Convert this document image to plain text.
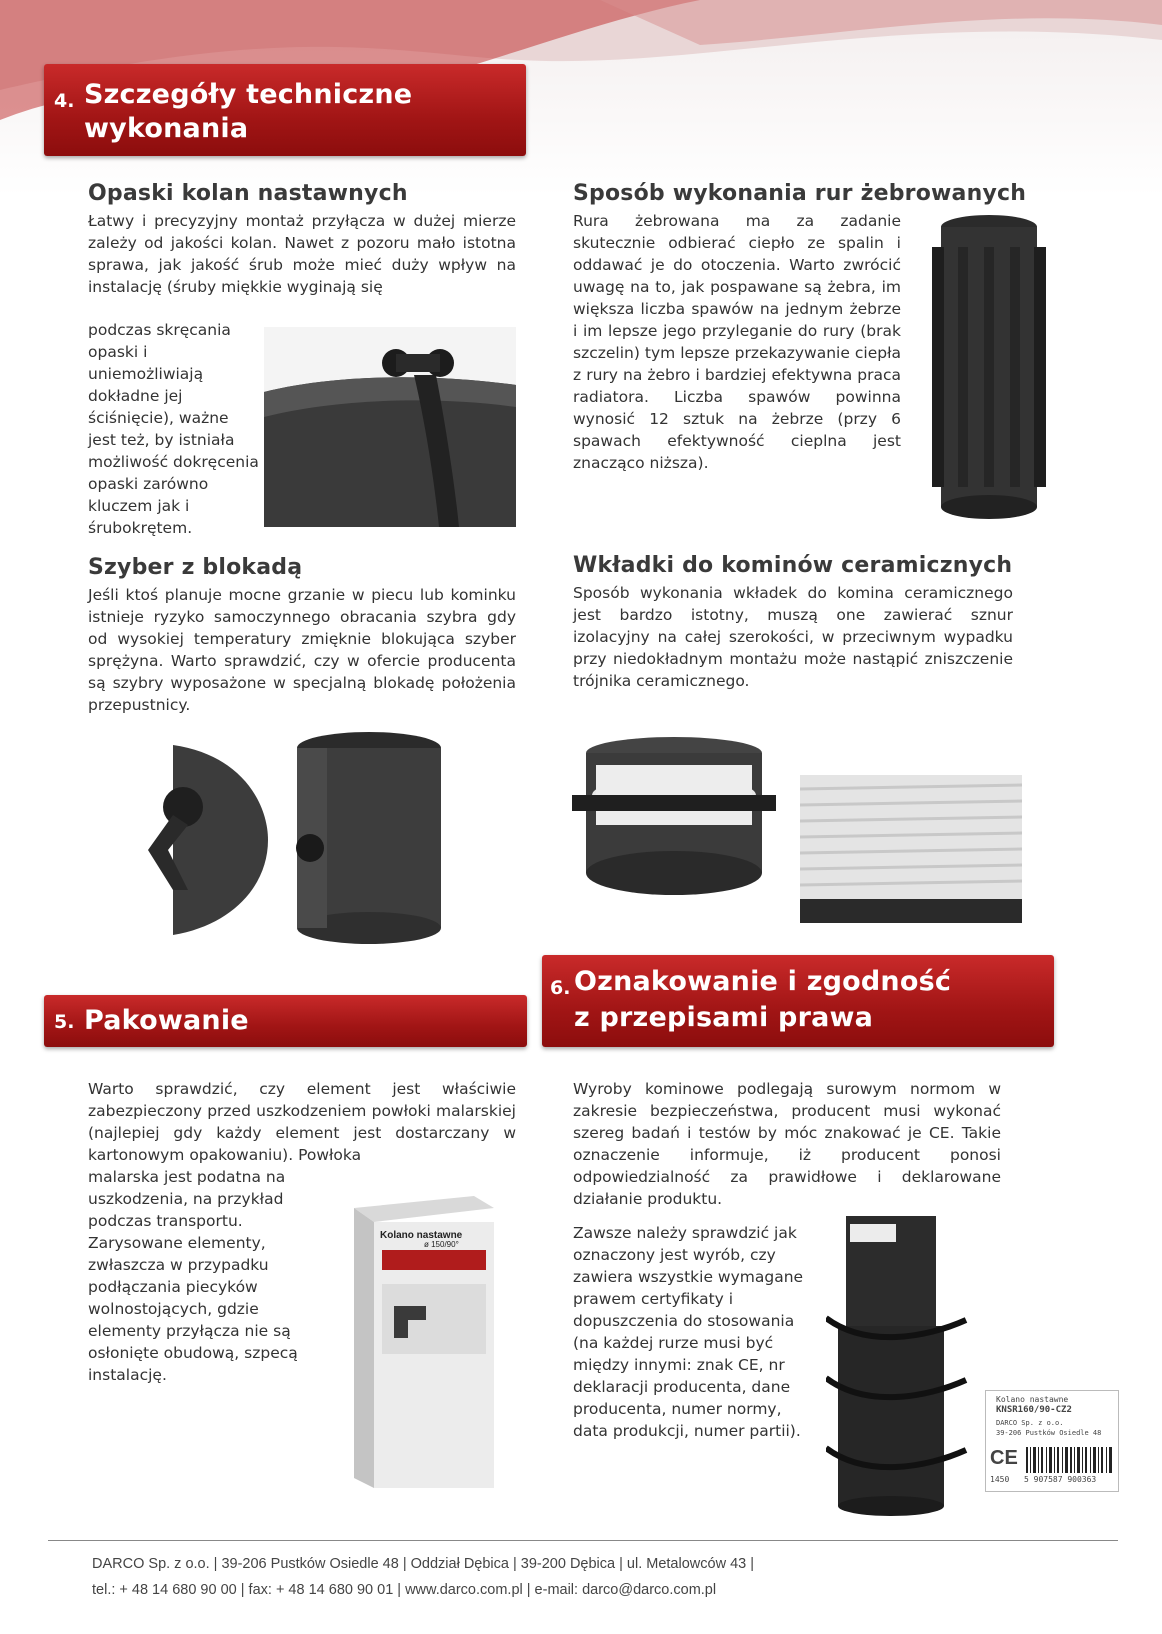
4. Szczegóły techniczne
wykonania
Opaski kolan nastawnych

Łatwy i precyzyjny montaż przyłącza w dużej mierze zależy od jakości kolan. Nawet z pozoru mało istotna sprawa, jak jakość śrub może mieć duży wpływ na instalację (śruby miękkie wyginają się

podczas skręcania opaski i uniemożliwiają dokładne jej ściśnięcie), ważne jest też, by istniała możliwość dokręcenia opaski zarówno kluczem jak i śrubokrętem.

Szyber z blokadą

Jeśli ktoś planuje mocne grzanie w piecu lub kominku istnieje ryzyko samoczynnego obracania szybra gdy od wysokiej temperatury zmięknie blokująca szyber sprężyna. Warto sprawdzić, czy w ofercie producenta są szybry wyposażone w specjalną blokadę położenia przepustnicy.

Sposób wykonania rur żebrowanych

Rura żebrowana ma za zadanie skutecznie odbierać ciepło ze spalin i oddawać je do otoczenia. Warto zwrócić uwagę na to, jak pospawane są żebra, im większa liczba spawów na jednym żebrze i im lepsze jego przyleganie do rury (brak szczelin) tym lepsze przekazywanie ciepła z rury na żebro i bardziej efektywna praca radiatora. Liczba spawów powinna wynosić 12 sztuk na żebrze (przy 6 spawach efektywność cieplna jest znacząco niższa).

Wkładki do kominów ceramicznych

Sposób wykonania wkładek do komina ceramicznego jest bardzo istotny, muszą one zawierać sznur izolacyjny na całej szerokości, w przeciwnym wypadku przy niedokładnym montażu może nastąpić zniszczenie trójnika ceramicznego.

5. Pakowanie

Warto sprawdzić, czy element jest właściwie zabezpieczony przed uszkodzeniem powłoki malarskiej (najlepiej gdy każdy element jest dostarczany w kartonowym opakowaniu). Powłoka

malarska jest podatna na uszkodzenia, na przykład podczas transportu. Zarysowane elementy, zwłaszcza w przypadku podłączania piecyków wolnostojących, gdzie elementy przyłącza nie są osłonięte obudową, szpecą instalację.

Kolano nastawne
ø 150/90°
6. Oznakowanie i zgodność
z przepisami prawa

Wyroby kominowe podlegają surowym normom w zakresie bezpieczeństwa, producent musi wykonać szereg badań i testów by móc znakować je CE. Takie oznaczenie informuje, iż producent ponosi odpowiedzialność za prawidłowe i deklarowane działanie produktu.

Zawsze należy sprawdzić jak oznaczony jest wyrób, czy zawiera wszystkie wymagane prawem certyfikaty i dopuszczenia do stosowania (na każdej rurze musi być między innymi: znak CE, nr deklaracji producenta, dane producenta, numer normy, data produkcji, numer partii).

Kolano nastawne
KNSR160/90-CZ2
DARCO Sp. z o.o.
39-206 Pustków Osiedle 48
CE
1450 5 907587 900363
DARCO Sp. z o.o. | 39-206 Pustków Osiedle 48 | Oddział Dębica | 39-200 Dębica | ul. Metalowców 43 |
tel.: + 48 14 680 90 00 | fax: + 48 14 680 90 01 | www.darco.com.pl | e-mail: darco@darco.com.pl
